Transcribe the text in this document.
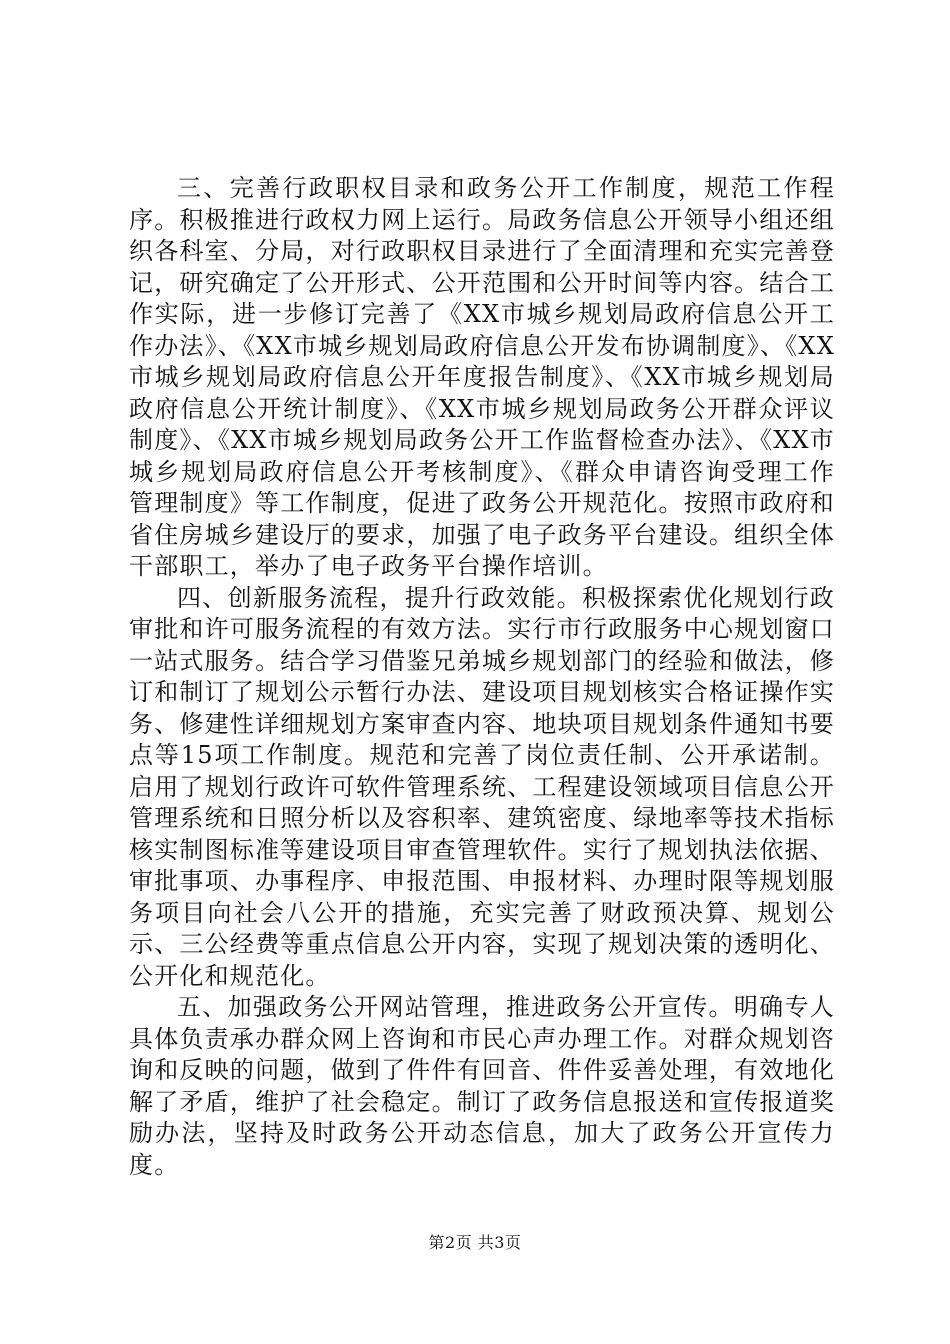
三、完善行政职权目录和政务公开工作制度，规范工作程序。积极推进行政权力网上运行。局政务信息公开领导小组还组织各科室、分局，对行政职权目录进行了全面清理和充实完善登记，研究确定了公开形式、公开范围和公开时间等内容。结合工作实际，进一步修订完善了《XX市城乡规划局政府信息公开工作办法》、《XX市城乡规划局政府信息公开发布协调制度》、《XX市城乡规划局政府信息公开年度报告制度》、《XX市城乡规划局政府信息公开统计制度》、《XX市城乡规划局政务公开群众评议制度》、《XX市城乡规划局政务公开工作监督检查办法》、《XX市城乡规划局政府信息公开考核制度》、《群众申请咨询受理工作管理制度》等工作制度，促进了政务公开规范化。按照市政府和省住房城乡建设厅的要求，加强了电子政务平台建设。组织全体干部职工，举办了电子政务平台操作培训。

四、创新服务流程，提升行政效能。积极探索优化规划行政审批和许可服务流程的有效方法。实行市行政服务中心规划窗口一站式服务。结合学习借鉴兄弟城乡规划部门的经验和做法，修订和制订了规划公示暂行办法、建设项目规划核实合格证操作实务、修建性详细规划方案审查内容、地块项目规划条件通知书要点等15项工作制度。规范和完善了岗位责任制、公开承诺制。启用了规划行政许可软件管理系统、工程建设领域项目信息公开管理系统和日照分析以及容积率、建筑密度、绿地率等技术指标核实制图标准等建设项目审查管理软件。实行了规划执法依据、审批事项、办事程序、申报范围、申报材料、办理时限等规划服务项目向社会八公开的措施，充实完善了财政预决算、规划公示、三公经费等重点信息公开内容，实现了规划决策的透明化、公开化和规范化。

五、加强政务公开网站管理，推进政务公开宣传。明确专人具体负责承办群众网上咨询和市民心声办理工作。对群众规划咨询和反映的问题，做到了件件有回音、件件妥善处理，有效地化解了矛盾，维护了社会稳定。制订了政务信息报送和宣传报道奖励办法，坚持及时政务公开动态信息，加大了政务公开宣传力度。

第2页 共3页
